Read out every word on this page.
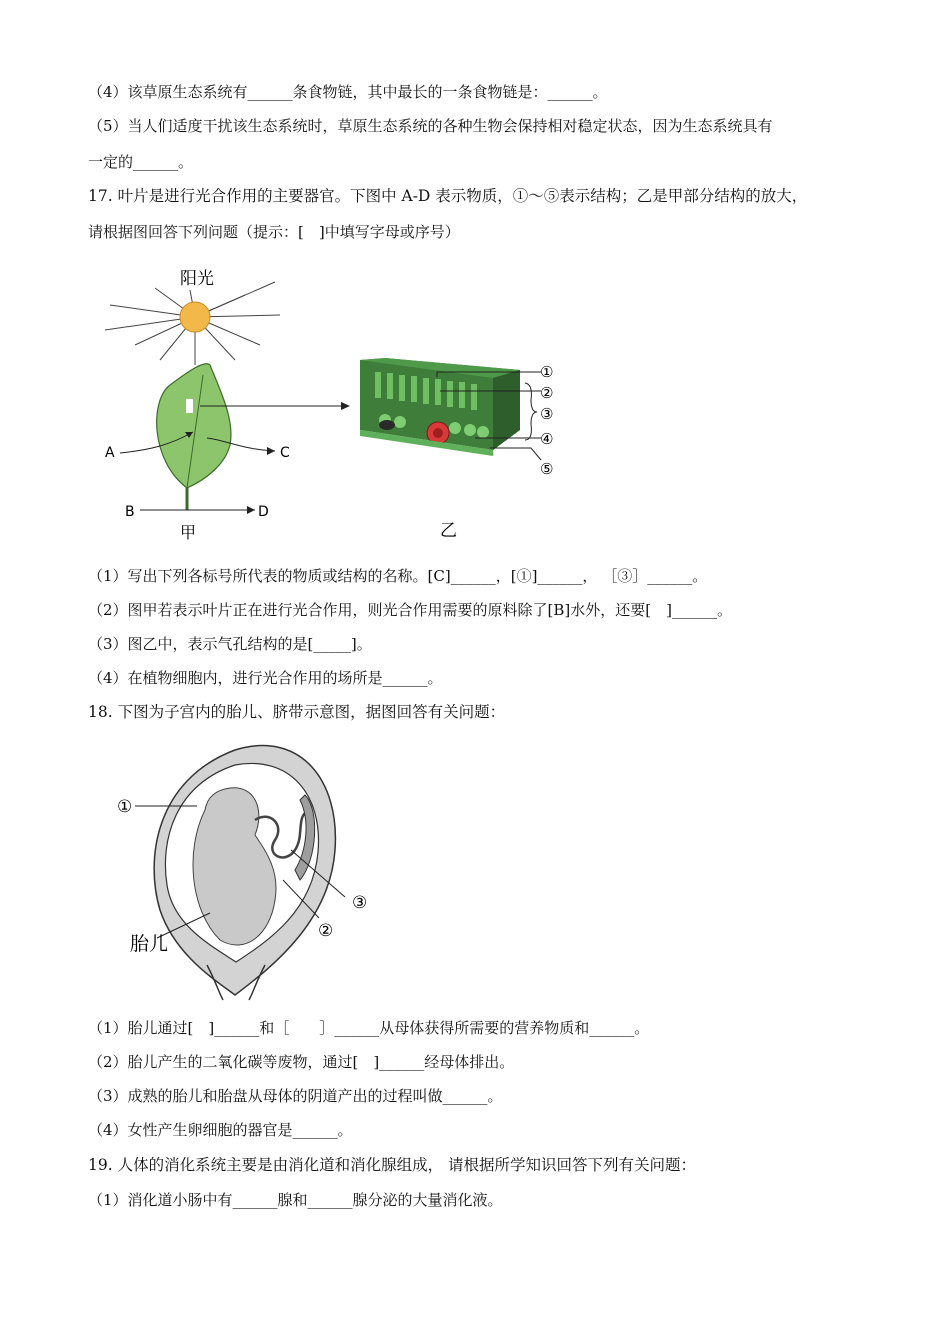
（4）该草原生态系统有______条食物链，其中最长的一条食物链是：______。
（5）当人们适度干扰该生态系统时，草原生态系统的各种生物会保持相对稳定状态，因为生态系统具有
一定的______。
17. 叶片是进行光合作用的主要器官。下图中 A-D 表示物质，①～⑤表示结构；乙是甲部分结构的放大，
请根据图回答下列问题（提示：[　]中填写字母或序号）
阳光
A	C
B	D
甲
①
②
③
④
⑤
乙
（1）写出下列各标号所代表的物质或结构的名称。[C]______，[①]______， ［③］______。
（2）图甲若表示叶片正在进行光合作用，则光合作用需要的原料除了[B]水外，还要[　]______。
（3）图乙中，表示气孔结构的是[_____]。
（4）在植物细胞内，进行光合作用的场所是______。
18. 下图为子宫内的胎儿、脐带示意图，据图回答有关问题：
①
③
②
胎儿
（1）胎儿通过[　]______和［　　］______从母体获得所需要的营养物质和______。
（2）胎儿产生的二氧化碳等废物，通过[　]______经母体排出。
（3）成熟的胎儿和胎盘从母体的阴道产出的过程叫做______。
（4）女性产生卵细胞的器官是______。
19. 人体的消化系统主要是由消化道和消化腺组成， 请根据所学知识回答下列有关问题：
（1）消化道小肠中有______腺和______腺分泌的大量消化液。
